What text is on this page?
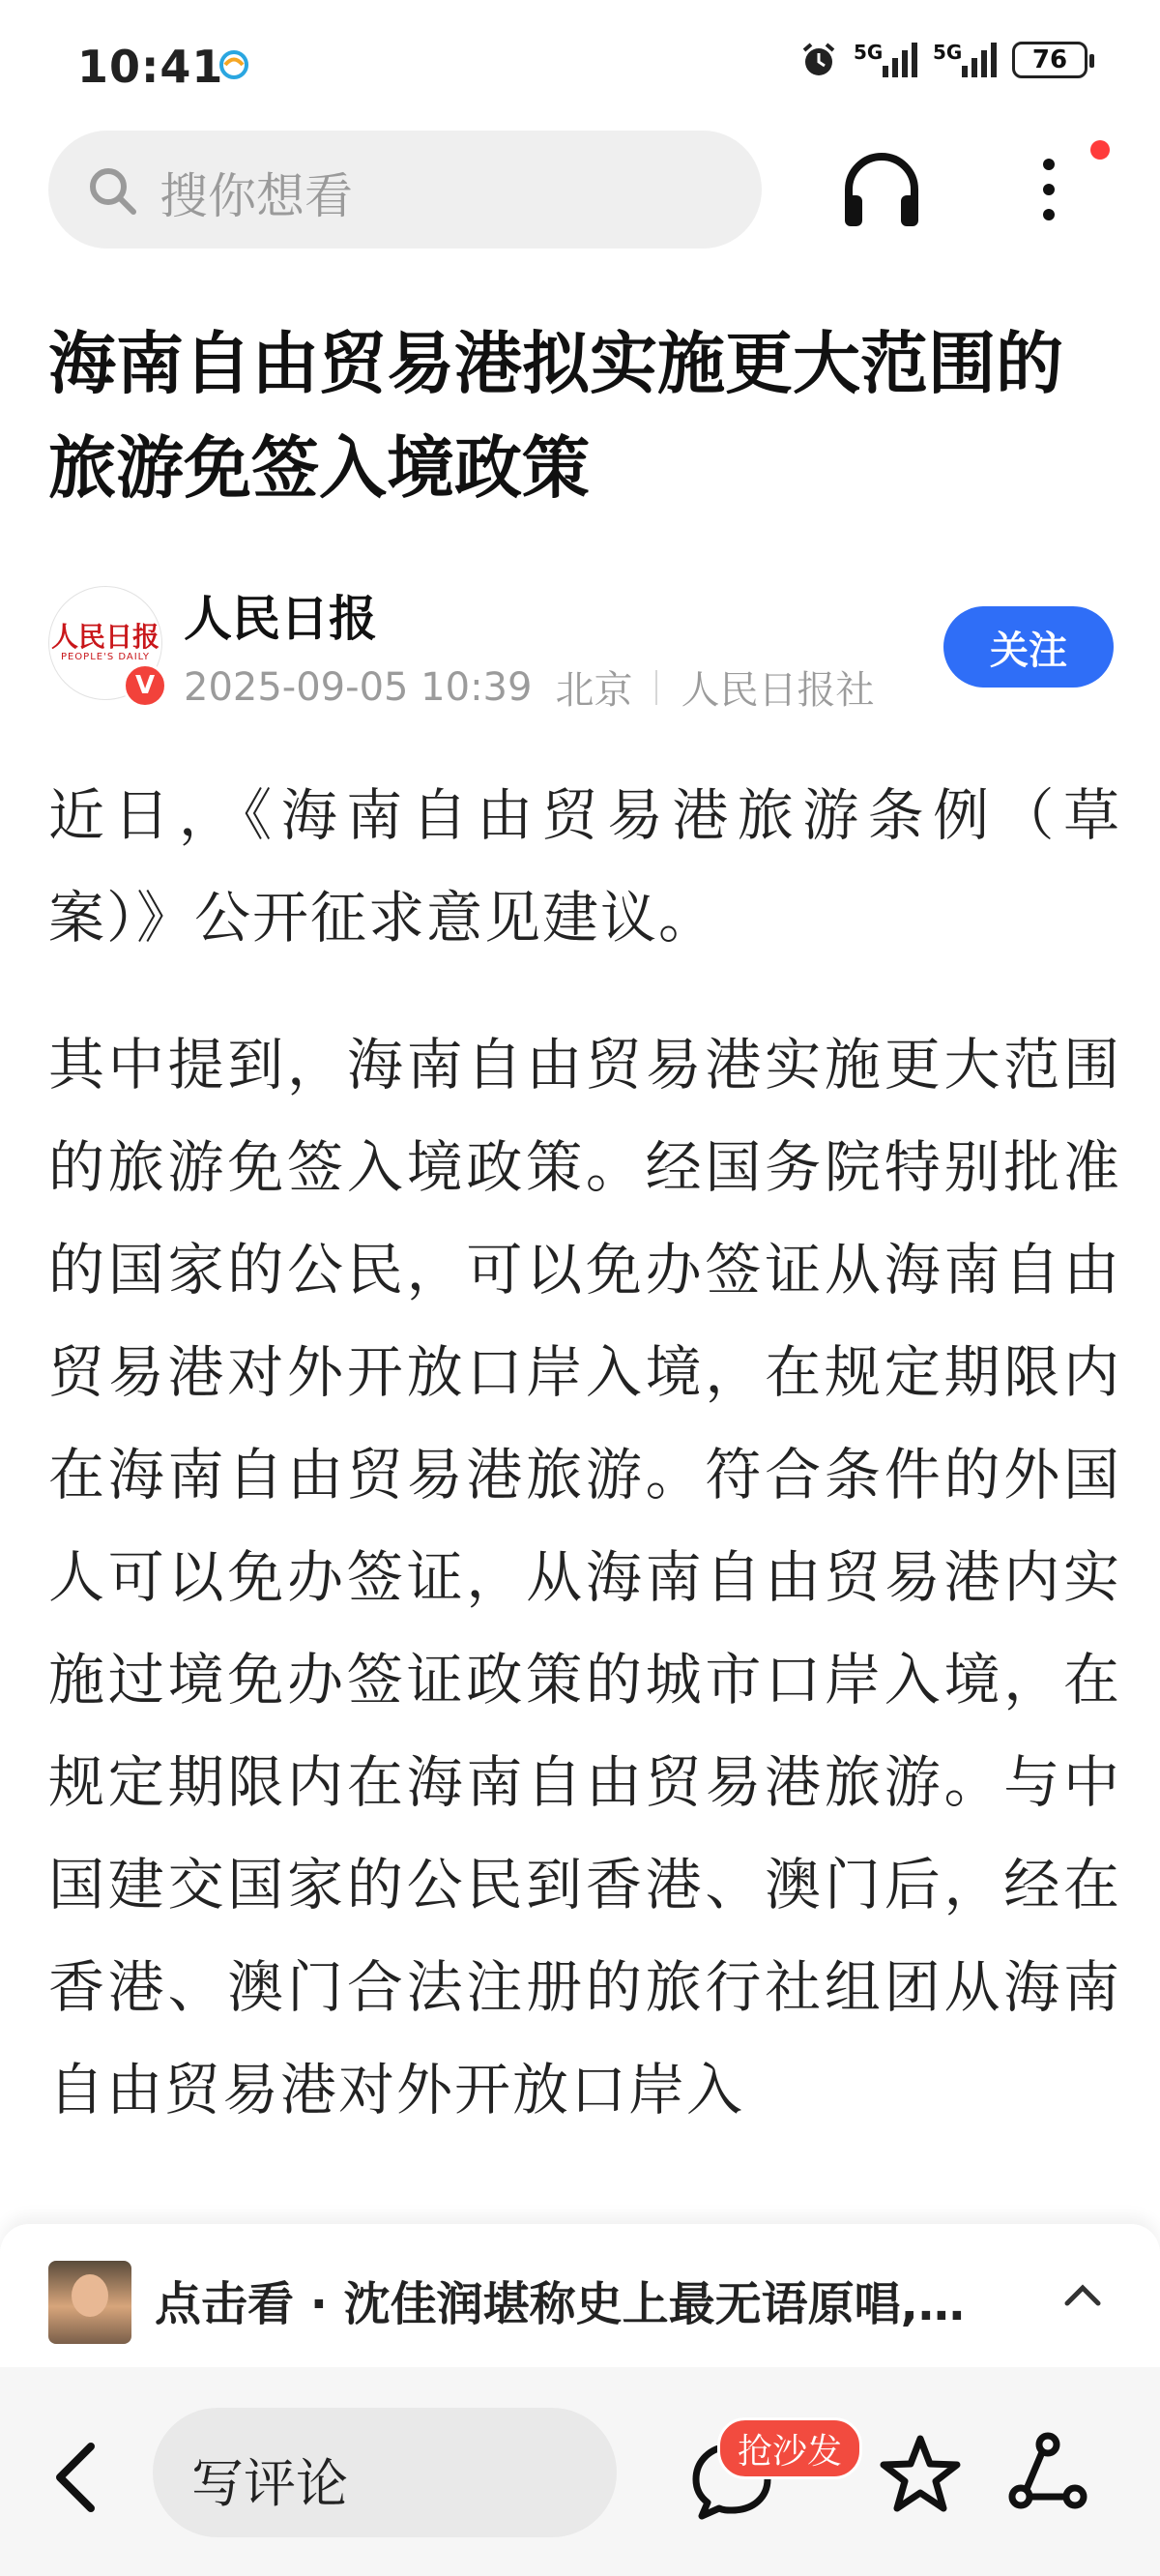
10:41	5G	5G	76
搜你想看
海南自由贸易港拟实施更大范围的旅游免签入境政策
人民日报
PEOPLE'S DAILY
V
人民日报
2025-09-05 10:39 北京 人民日报社
关注

近日，《海南自由贸易港旅游条例（草案）》公开征求意见建议。

其中提到，海南自由贸易港实施更大范围的旅游免签入境政策。经国务院特别批准的国家的公民，可以免办签证从海南自由贸易港对外开放口岸入境，在规定期限内在海南自由贸易港旅游。符合条件的外国人可以免办签证，从海南自由贸易港内实施过境免办签证政策的城市口岸入境，在规定期限内在海南自由贸易港旅游。与中国建交国家的公民到香港、澳门后，经在香港、澳门合法注册的旅行社组团从海南自由贸易港对外开放口岸入

点击看 · 沈佳润堪称史上最无语原唱,…
写评论
抢沙发
